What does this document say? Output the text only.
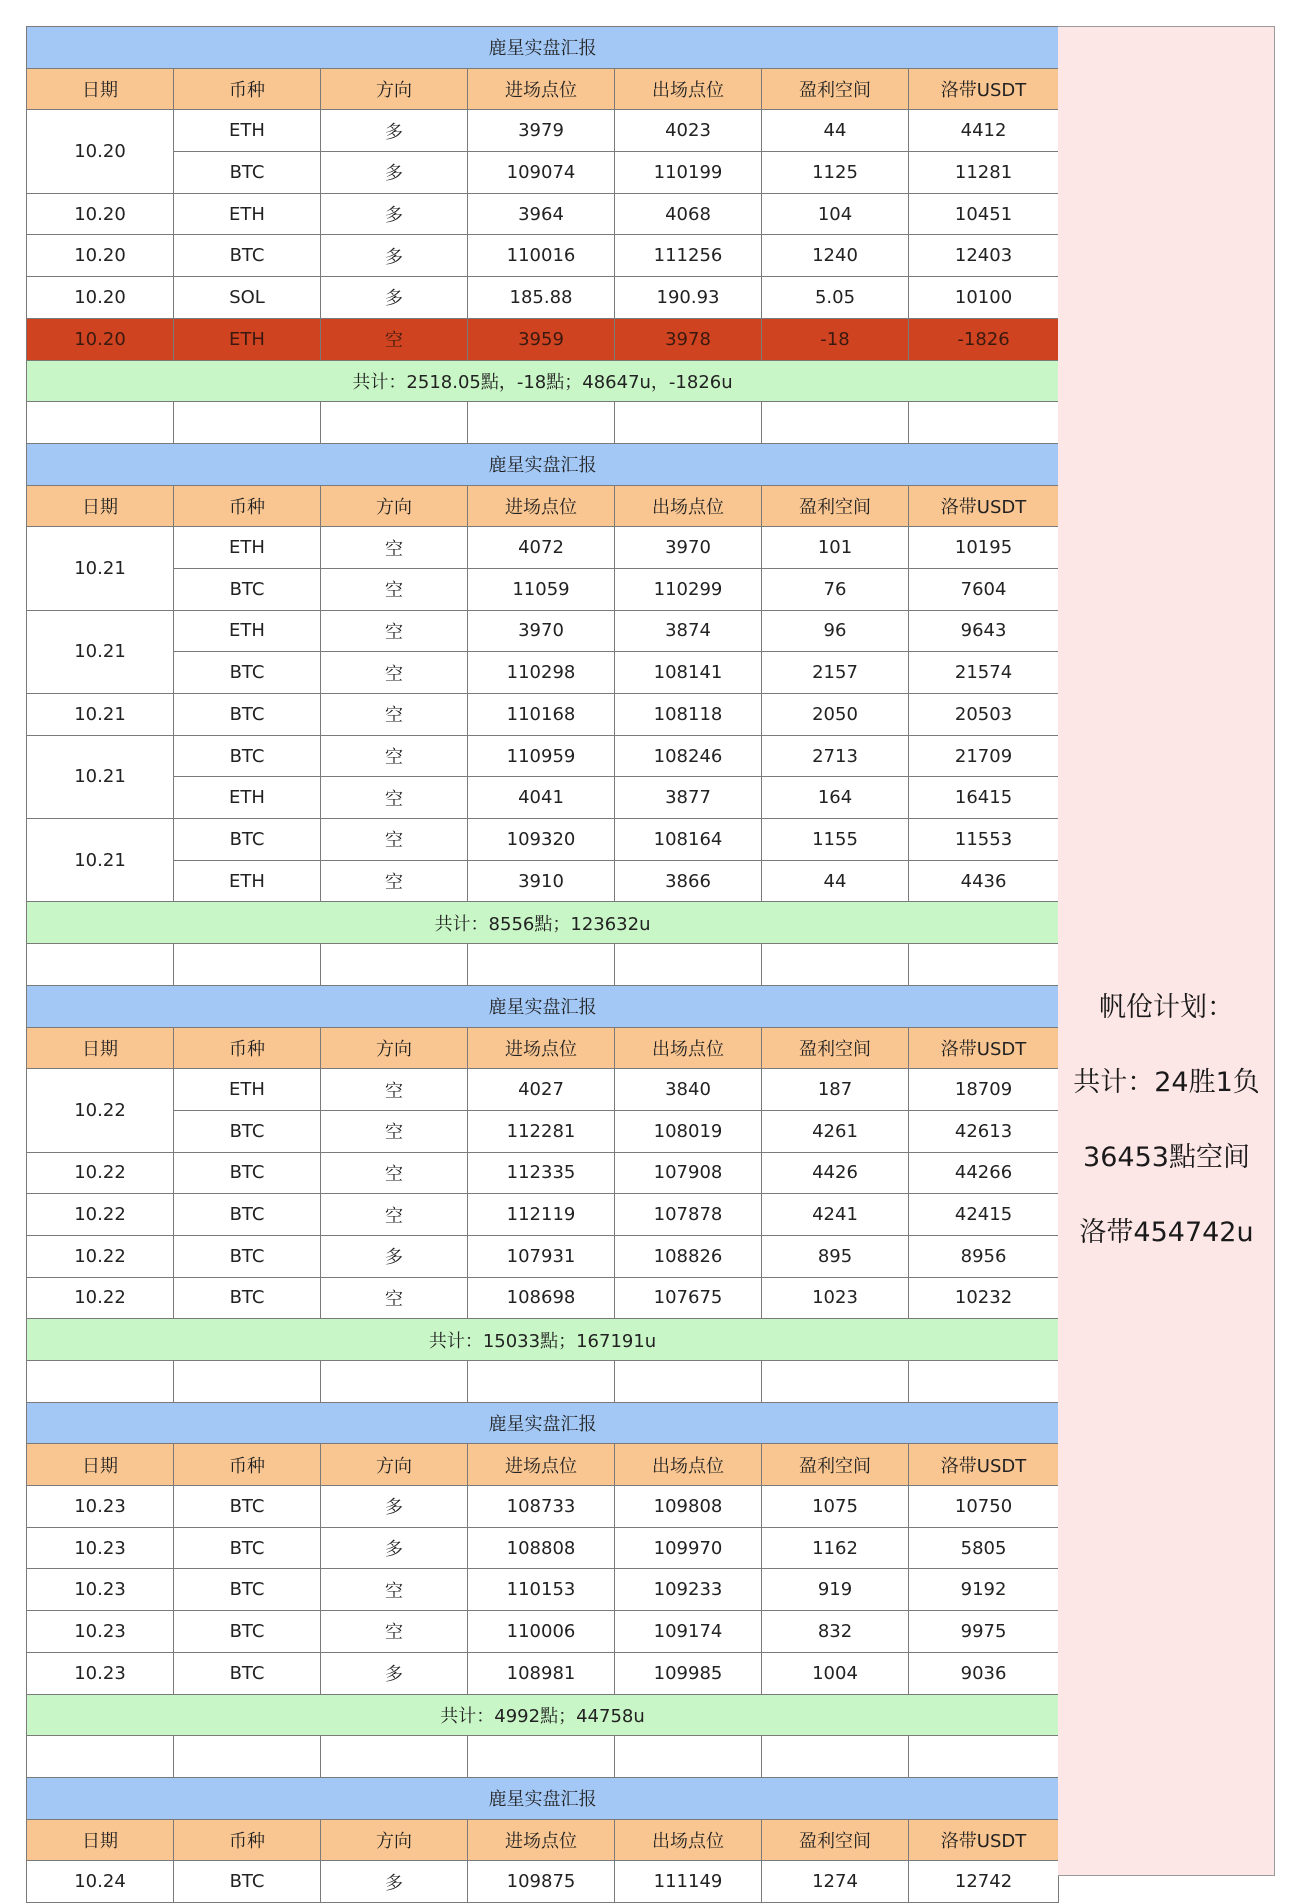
鹿星实盘汇报						
日期	币种	方向	进场点位	出场点位	盈利空间	洛带USDT
10.20	ETH	多	3979	4023	44	4412
	BTC	多	109074	110199	1125	11281
10.20	ETH	多	3964	4068	104	10451
10.20	BTC	多	110016	111256	1240	12403
10.20	SOL	多	185.88	190.93	5.05	10100
10.20	ETH	空	3959	3978	-18	-1826
共计：2518.05點，-18點；48647u，-1826u						

鹿星实盘汇报						
日期	币种	方向	进场点位	出场点位	盈利空间	洛带USDT
10.21	ETH	空	4072	3970	101	10195
	BTC	空	11059	110299	76	7604
10.21	ETH	空	3970	3874	96	9643
	BTC	空	110298	108141	2157	21574
10.21	BTC	空	110168	108118	2050	20503
10.21	BTC	空	110959	108246	2713	21709
	ETH	空	4041	3877	164	16415
10.21	BTC	空	109320	108164	1155	11553
	ETH	空	3910	3866	44	4436
共计：8556點；123632u						

鹿星实盘汇报						
日期	币种	方向	进场点位	出场点位	盈利空间	洛带USDT
10.22	ETH	空	4027	3840	187	18709
	BTC	空	112281	108019	4261	42613
10.22	BTC	空	112335	107908	4426	44266
10.22	BTC	空	112119	107878	4241	42415
10.22	BTC	多	107931	108826	895	8956
10.22	BTC	空	108698	107675	1023	10232
共计：15033點；167191u						

鹿星实盘汇报						
日期	币种	方向	进场点位	出场点位	盈利空间	洛带USDT
10.23	BTC	多	108733	109808	1075	10750
10.23	BTC	多	108808	109970	1162	5805
10.23	BTC	空	110153	109233	919	9192
10.23	BTC	空	110006	109174	832	9975
10.23	BTC	多	108981	109985	1004	9036
共计：4992點；44758u						

鹿星实盘汇报						
日期	币种	方向	进场点位	出场点位	盈利空间	洛带USDT
10.24	BTC	多	109875	111149	1274	12742
帆伧计划：
共计：24胜1负
36453點空间
洛带454742u
